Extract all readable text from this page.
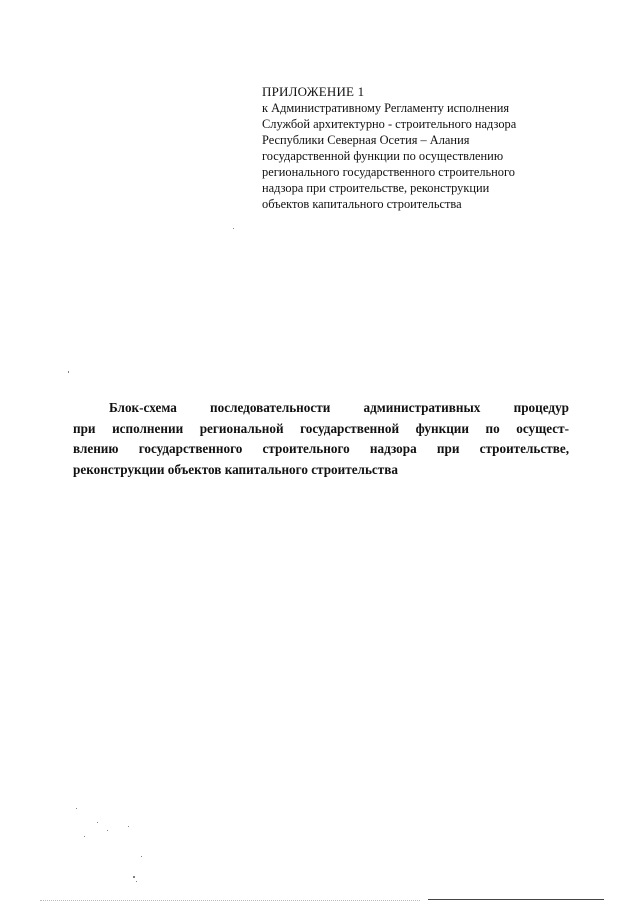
ПРИЛОЖЕНИЕ 1
к Административному Регламенту исполнения
Службой архитектурно - строительного надзора
Республики Северная Осетия – Алания
государственной функции по осуществлению
регионального государственного строительного
надзора при строительстве, реконструкции
объектов капитального строительства
Блок-схема последовательности административных процедур
при исполнении региональной государственной функции по осущест-
влению государственного строительного надзора при строительстве,
реконструкции объектов капитального строительства
